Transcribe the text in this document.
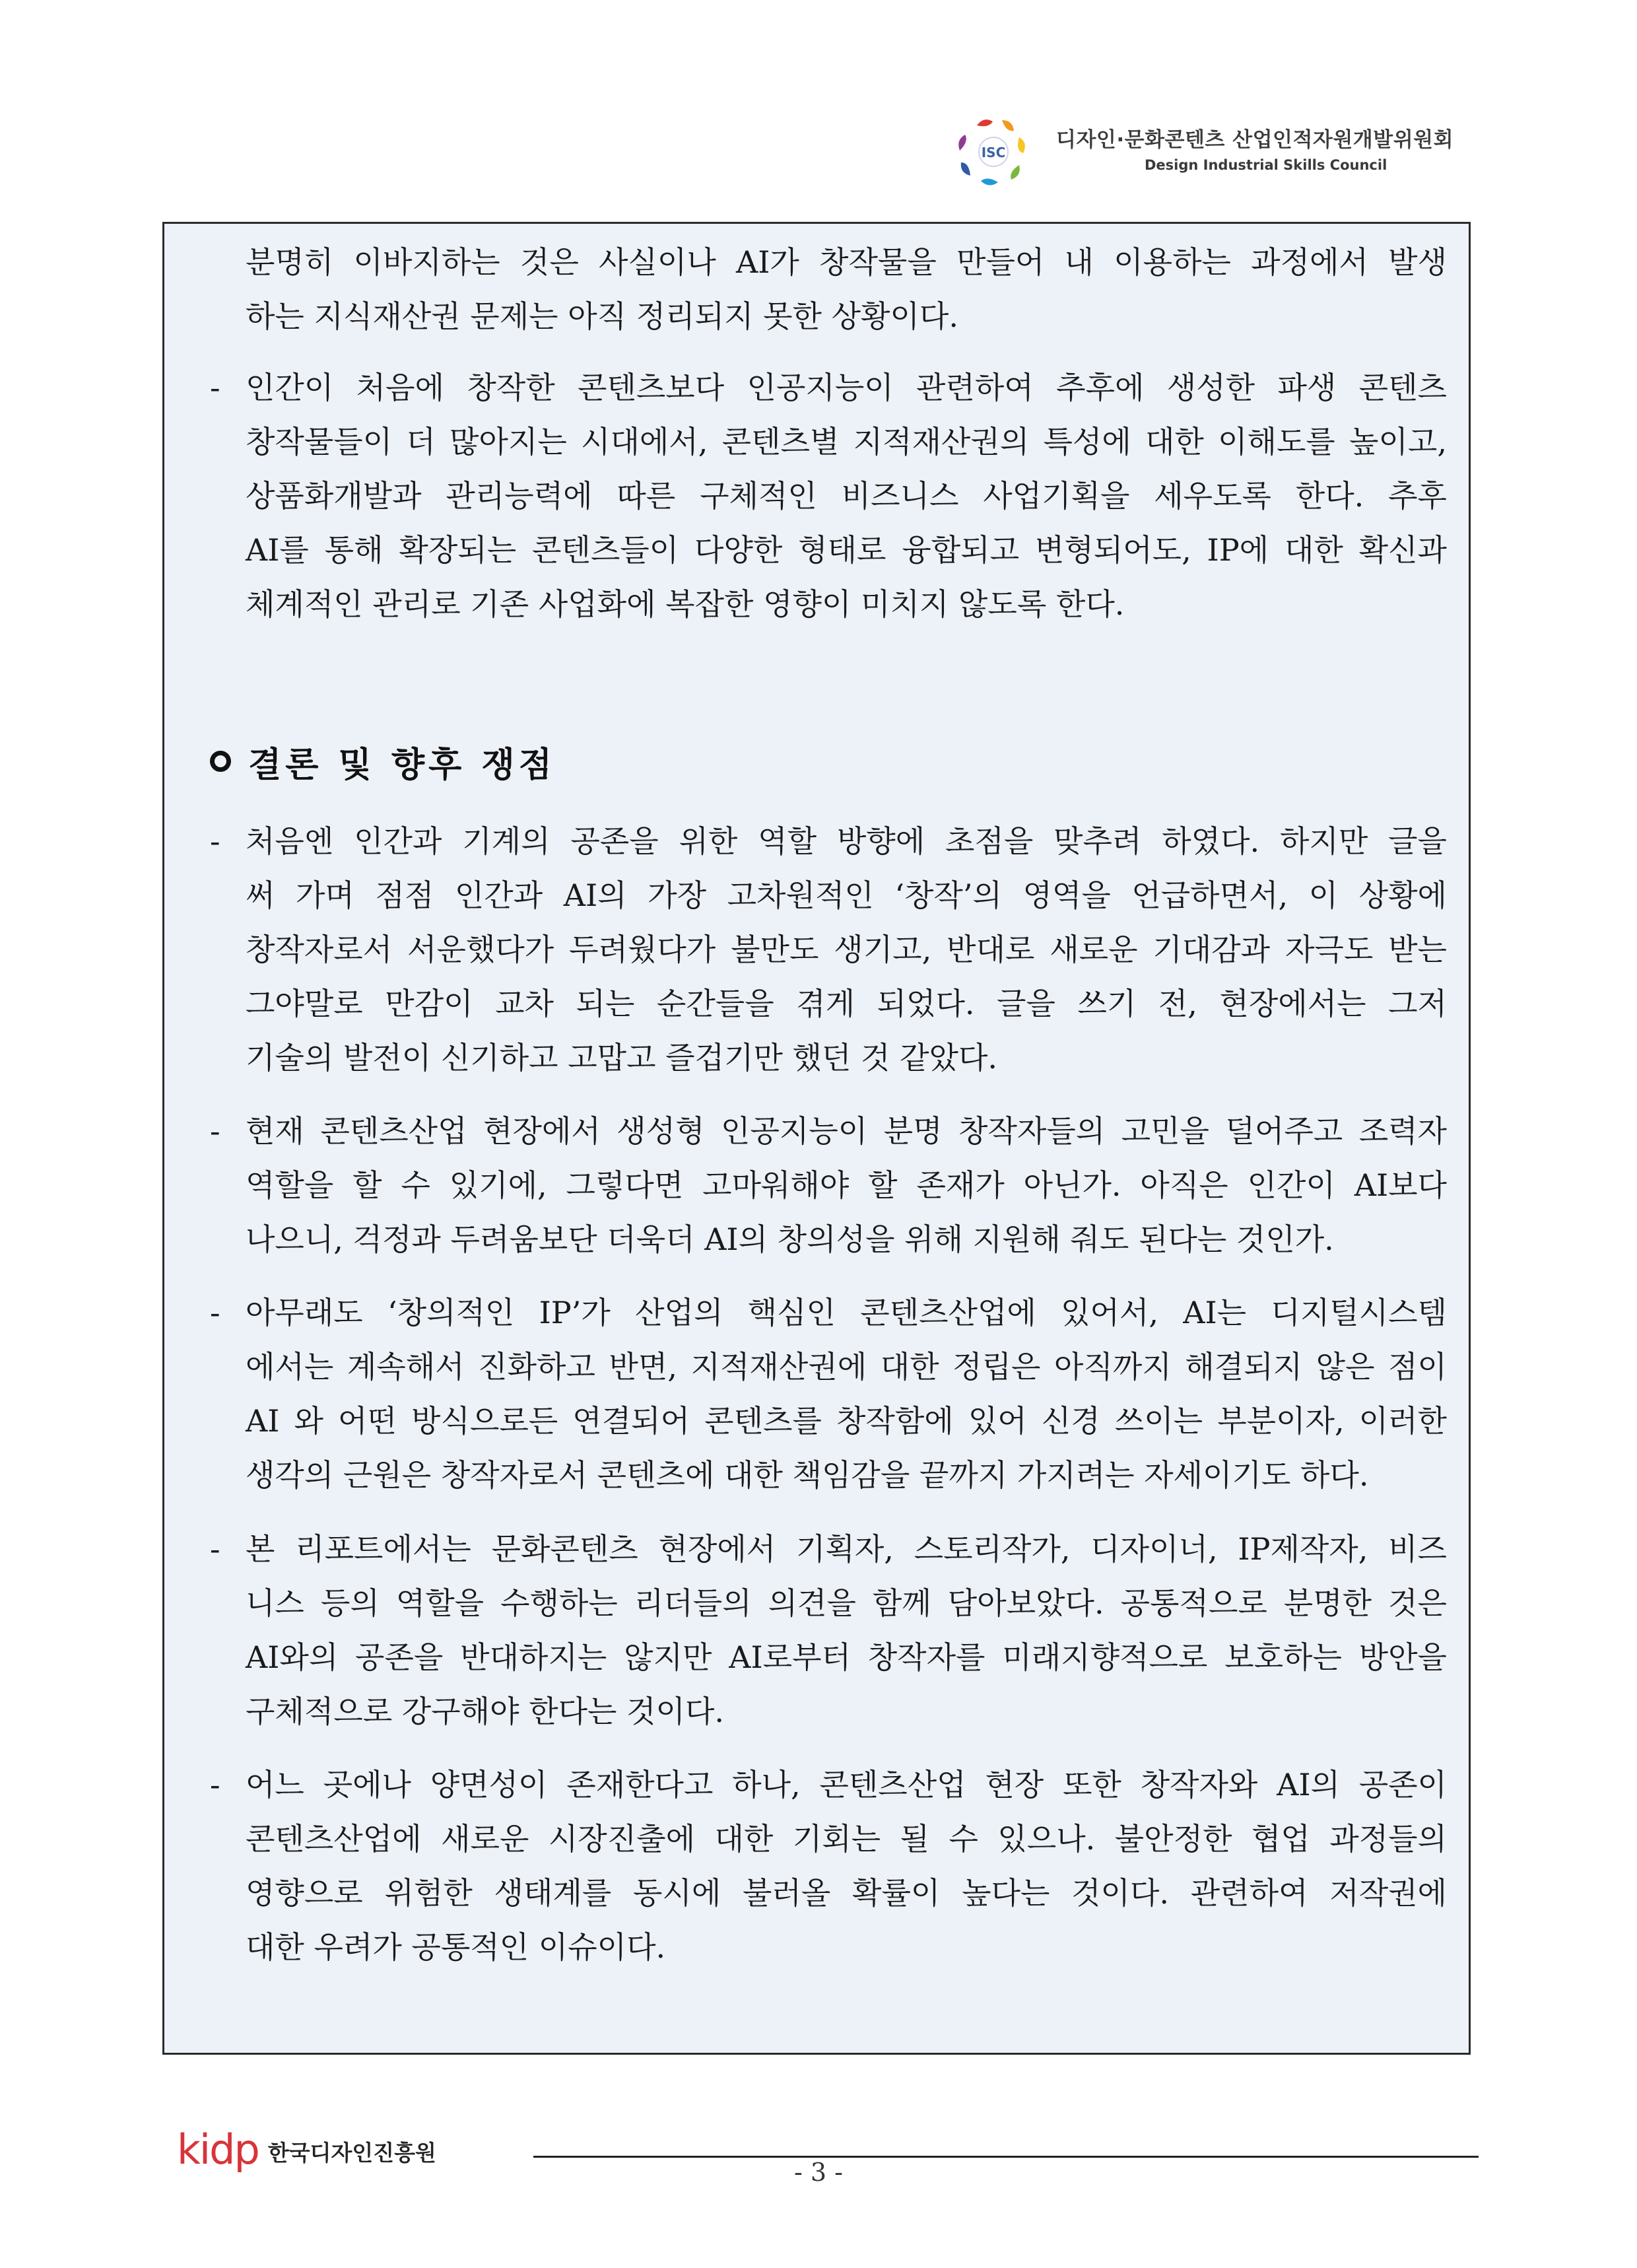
ISC
디자인·문화콘텐츠 산업인적자원개발위원회
Design Industrial Skills Council
분명히 이바지하는 것은 사실이나 AI가 창작물을 만들어 내 이용하는 과정에서 발생
하는 지식재산권 문제는 아직 정리되지 못한 상황이다.
- 인간이 처음에 창작한 콘텐츠보다 인공지능이 관련하여 추후에 생성한 파생 콘텐츠
창작물들이 더 많아지는 시대에서, 콘텐츠별 지적재산권의 특성에 대한 이해도를 높이고,
상품화개발과 관리능력에 따른 구체적인 비즈니스 사업기획을 세우도록 한다. 추후
AI를 통해 확장되는 콘텐츠들이 다양한 형태로 융합되고 변형되어도, IP에 대한 확신과
체계적인 관리로 기존 사업화에 복잡한 영향이 미치지 않도록 한다.
결론 및 향후 쟁점
- 처음엔 인간과 기계의 공존을 위한 역할 방향에 초점을 맞추려 하였다. 하지만 글을
써 가며 점점 인간과 AI의 가장 고차원적인 ‘창작’의 영역을 언급하면서, 이 상황에
창작자로서 서운했다가 두려웠다가 불만도 생기고, 반대로 새로운 기대감과 자극도 받는
그야말로 만감이 교차 되는 순간들을 겪게 되었다. 글을 쓰기 전, 현장에서는 그저
기술의 발전이 신기하고 고맙고 즐겁기만 했던 것 같았다.
- 현재 콘텐츠산업 현장에서 생성형 인공지능이 분명 창작자들의 고민을 덜어주고 조력자
역할을 할 수 있기에, 그렇다면 고마워해야 할 존재가 아닌가. 아직은 인간이 AI보다
나으니, 걱정과 두려움보단 더욱더 AI의 창의성을 위해 지원해 줘도 된다는 것인가.
- 아무래도 ‘창의적인 IP’가 산업의 핵심인 콘텐츠산업에 있어서, AI는 디지털시스템
에서는 계속해서 진화하고 반면, 지적재산권에 대한 정립은 아직까지 해결되지 않은 점이
AI 와 어떤 방식으로든 연결되어 콘텐츠를 창작함에 있어 신경 쓰이는 부분이자, 이러한
생각의 근원은 창작자로서 콘텐츠에 대한 책임감을 끝까지 가지려는 자세이기도 하다.
- 본 리포트에서는 문화콘텐츠 현장에서 기획자, 스토리작가, 디자이너, IP제작자, 비즈
니스 등의 역할을 수행하는 리더들의 의견을 함께 담아보았다. 공통적으로 분명한 것은
AI와의 공존을 반대하지는 않지만 AI로부터 창작자를 미래지향적으로 보호하는 방안을
구체적으로 강구해야 한다는 것이다.
- 어느 곳에나 양면성이 존재한다고 하나, 콘텐츠산업 현장 또한 창작자와 AI의 공존이
콘텐츠산업에 새로운 시장진출에 대한 기회는 될 수 있으나. 불안정한 협업 과정들의
영향으로 위험한 생태계를 동시에 불러올 확률이 높다는 것이다. 관련하여 저작권에
대한 우려가 공통적인 이슈이다.
kidp 한국디자인진흥원
- 3 -
